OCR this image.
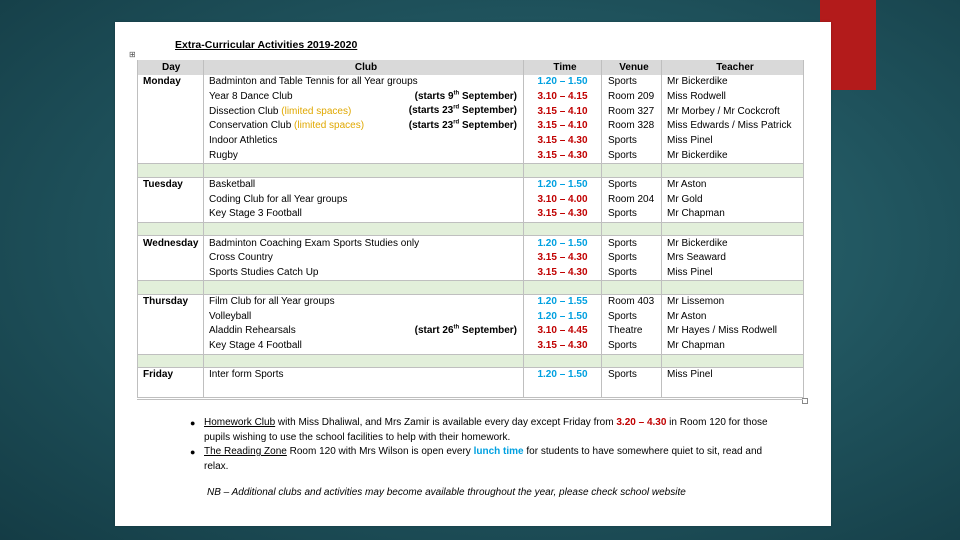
⊞
Extra-Curricular Activities 2019-2020
Day	Club	Time	Venue	Teacher
Monday	Badminton and Table Tennis for all Year groups	1.20 – 1.50	Sports	Mr Bickerdike
	Year 8 Dance Club (starts 9th September)	3.10 – 4.15	Room 209	Miss Rodwell
	Dissection Club (limited spaces) (starts 23rd September)	3.15 – 4.10	Room 327	Mr Morbey / Mr Cockcroft
	Conservation Club (limited spaces) (starts 23rd September)	3.15 – 4.10	Room 328	Miss Edwards / Miss Patrick
	Indoor Athletics	3.15 – 4.30	Sports	Miss Pinel
	Rugby	3.15 – 4.30	Sports	Mr Bickerdike

Tuesday	Basketball	1.20 – 1.50	Sports	Mr Aston
	Coding Club for all Year groups	3.10 – 4.00	Room 204	Mr Gold
	Key Stage 3 Football	3.15 – 4.30	Sports	Mr Chapman

Wednesday	Badminton Coaching Exam Sports Studies only	1.20 – 1.50	Sports	Mr Bickerdike
	Cross Country	3.15 – 4.30	Sports	Mrs Seaward
	Sports Studies Catch Up	3.15 – 4.30	Sports	Miss Pinel

Thursday	Film Club for all Year groups	1.20 – 1.55	Room 403	Mr Lissemon
	Volleyball	1.20 – 1.50	Sports	Mr Aston
	Aladdin Rehearsals (start 26th September)	3.10 – 4.45	Theatre	Mr Hayes / Miss Rodwell
	Key Stage 4 Football	3.15 – 4.30	Sports	Mr Chapman

Friday	Inter form Sports	1.20 – 1.50	Sports	Miss Pinel

● Homework Club with Miss Dhaliwal, and Mrs Zamir is available every day except Friday from 3.20 – 4.30 in Room 120 for those pupils wishing to use the school facilities to help with their homework.
● The Reading Zone Room 120 with Mrs Wilson is open every lunch time for students to have somewhere quiet to sit, read and relax.
NB – Additional clubs and activities may become available throughout the year, please check school website
